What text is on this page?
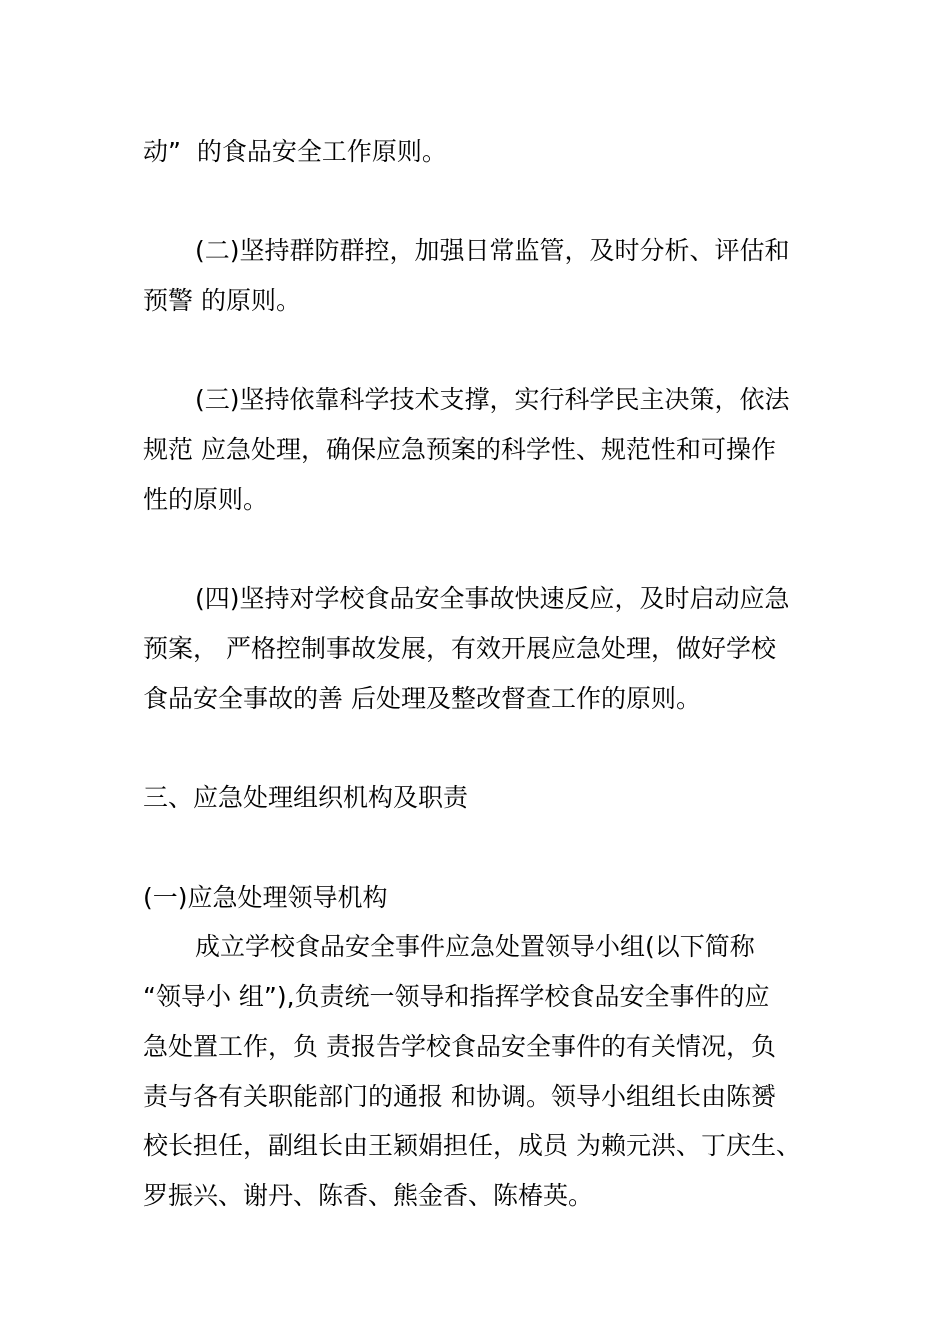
动”  的食品安全工作原则。
(二)坚持群防群控，加强日常监管，及时分析、评估和
预警 的原则。
(三)坚持依靠科学技术支撑，实行科学民主决策，依法
规范 应急处理，确保应急预案的科学性、规范性和可操作
性的原则。
(四)坚持对学校食品安全事故快速反应，及时启动应急
预案， 严格控制事故发展，有效开展应急处理，做好学校
食品安全事故的善 后处理及整改督查工作的原则。
三、应急处理组织机构及职责
(一)应急处理领导机构
成立学校食品安全事件应急处置领导小组(以下简称
“领导小 组”),负责统一领导和指挥学校食品安全事件的应
急处置工作，负 责报告学校食品安全事件的有关情况，负
责与各有关职能部门的通报 和协调。领导小组组长由陈赟
校长担任，副组长由王颖娟担任，成员 为赖元洪、丁庆生、
罗振兴、谢丹、陈香、熊金香、陈椿英。
